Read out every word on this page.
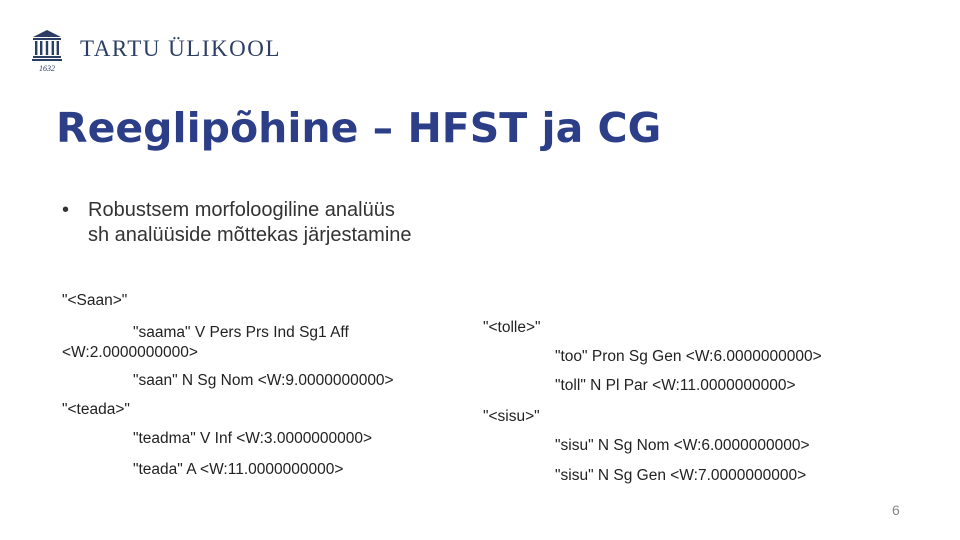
1632
TARTU ÜLIKOOL
Reeglipõhine – HFST ja CG
• Robustsem morfoloogiline analüüs
sh analüüside mõttekas järjestamine
"<Saan>"
"saama" V Pers Prs Ind Sg1 Aff
<W:2.0000000000>
"saan" N Sg Nom <W:9.0000000000>
"<teada>"
"teadma" V Inf <W:3.0000000000>
"teada" A <W:11.0000000000>
"<tolle>"
"too" Pron Sg Gen <W:6.0000000000>
"toll" N Pl Par <W:11.0000000000>
"<sisu>"
"sisu" N Sg Nom <W:6.0000000000>
"sisu" N Sg Gen <W:7.0000000000>
6
